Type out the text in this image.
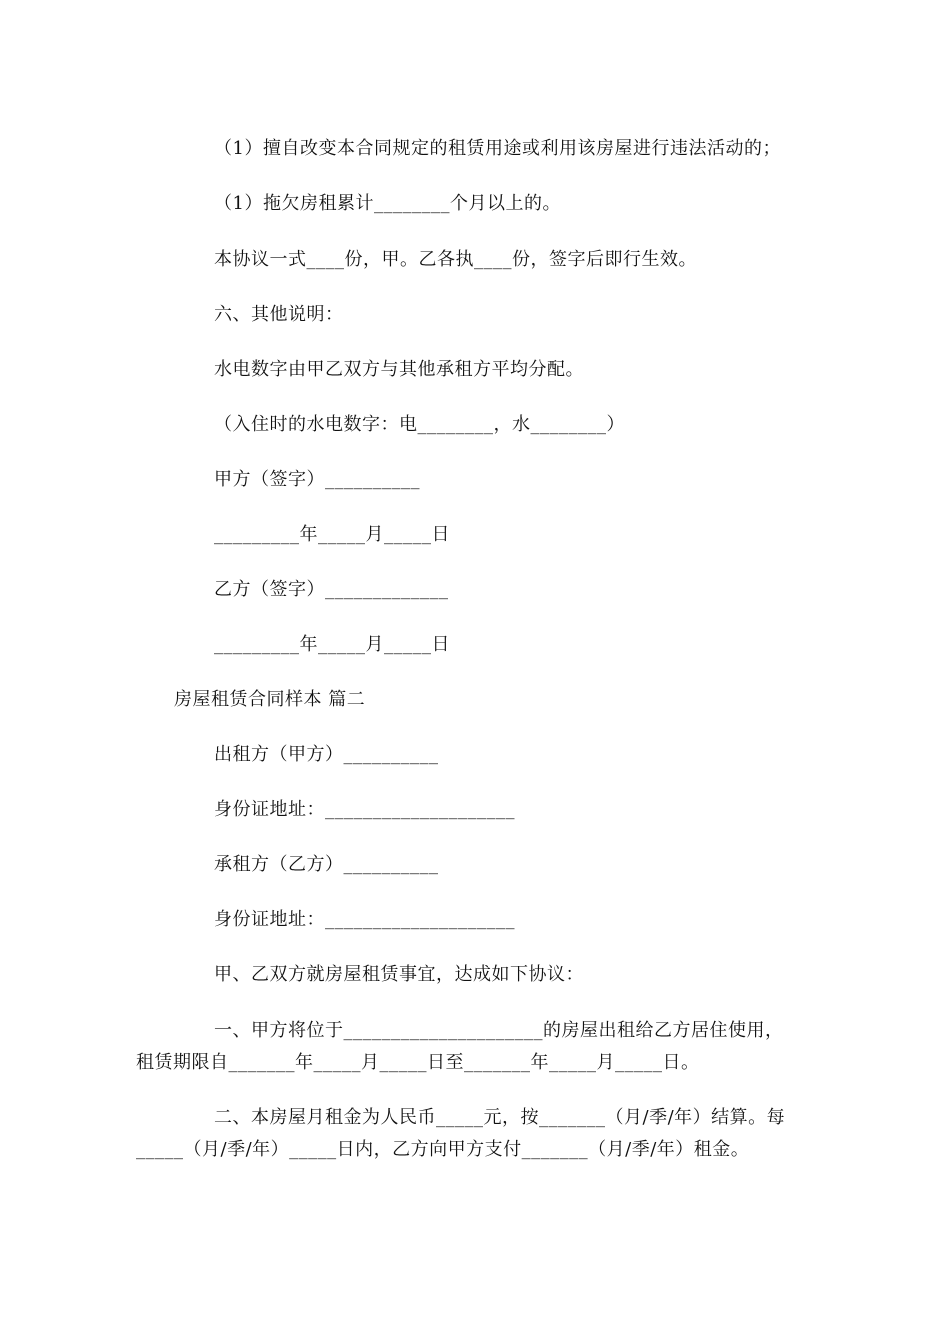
（1）擅自改变本合同规定的租赁用途或利用该房屋进行违法活动的；
（1）拖欠房租累计________个月以上的。
本协议一式____份，甲。乙各执____份，签字后即行生效。
六、其他说明：
水电数字由甲乙双方与其他承租方平均分配。
（入住时的水电数字：电________，水________）
甲方（签字）__________
_________年_____月_____日
乙方（签字）_____________
_________年_____月_____日
房屋租赁合同样本 篇二
出租方（甲方）__________
身份证地址：____________________
承租方（乙方）__________
身份证地址：____________________
甲、乙双方就房屋租赁事宜，达成如下协议：
一、甲方将位于_____________________的房屋出租给乙方居住使用，
租赁期限自_______年_____月_____日至_______年_____月_____日。
二、本房屋月租金为人民币_____元，按_______（月/季/年）结算。每
_____（月/季/年）_____日内，乙方向甲方支付_______（月/季/年）租金。
